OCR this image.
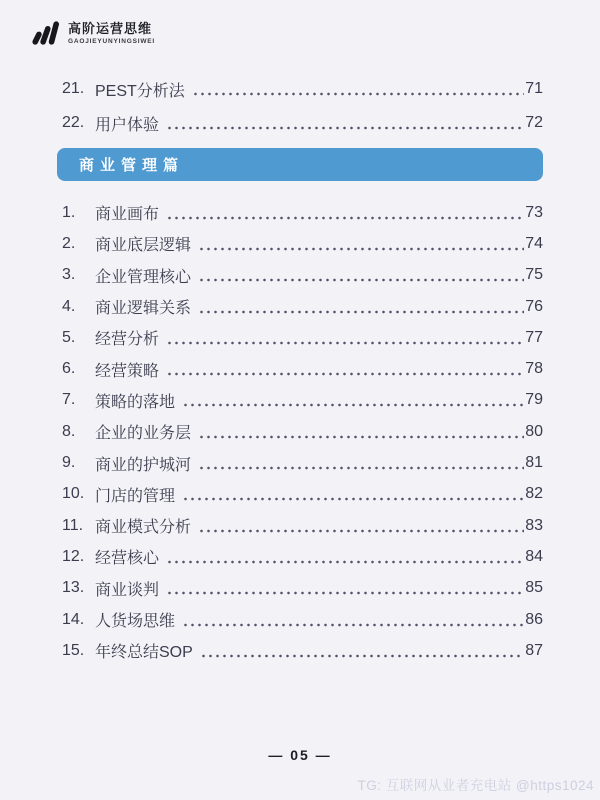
高阶运营思维
GAOJIEYUNYINGSIWEI
21. PEST分析法	71
22. 用户体验	72
商业管理篇
1.	商业画布	73
2.	商业底层逻辑	74
3.	企业管理核心	75
4.	商业逻辑关系	76
5.	经营分析	77
6.	经营策略	78
7.	策略的落地	79
8.	企业的业务层	80
9.	商业的护城河	81
10. 门店的管理	82
11. 商业模式分析	83
12. 经营核心	84
13. 商业谈判	85
14. 人货场思维	86
15. 年终总结SOP	87
— 05 —
TG: 互联网从业者充电站 @https1024
